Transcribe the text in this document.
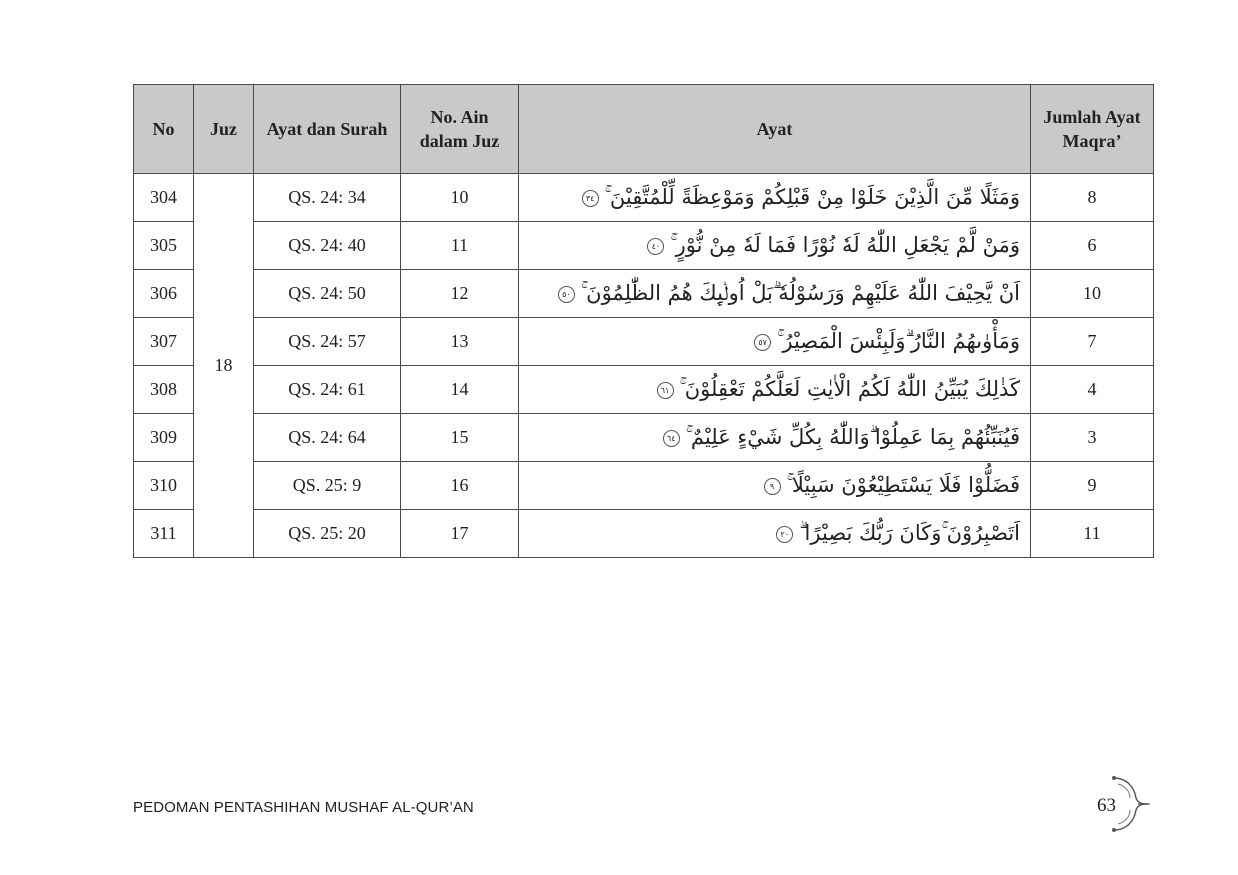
No	Juz	Ayat dan Surah	No. Ain dalam Juz	Ayat	Jumlah Ayat Maqra’
304	18	QS. 24: 34	10	وَمَثَلًا مِّنَ الَّذِيْنَ خَلَوْا مِنْ قَبْلِكُمْ وَمَوْعِظَةً لِّلْمُتَّقِيْنَ ۚ٣٤	8
305		QS. 24: 40	11	وَمَنْ لَّمْ يَجْعَلِ اللّٰهُ لَهٗ نُوْرًا فَمَا لَهٗ مِنْ نُّوْرٍ ۚ٤٠	6
306		QS. 24: 50	12	اَنْ يَّحِيْفَ اللّٰهُ عَلَيْهِمْ وَرَسُوْلُهٗ ۗبَلْ اُولٰۤىِٕكَ هُمُ الظّٰلِمُوْنَ ۚ٥٠	10
307		QS. 24: 57	13	وَمَأْوٰىهُمُ النَّارُ ۗوَلَبِئْسَ الْمَصِيْرُ ۚ٥٧	7
308		QS. 24: 61	14	كَذٰلِكَ يُبَيِّنُ اللّٰهُ لَكُمُ الْاٰيٰتِ لَعَلَّكُمْ تَعْقِلُوْنَ ۚ٦١	4
309		QS. 24: 64	15	فَيُنَبِّئُهُمْ بِمَا عَمِلُوْا ۗوَاللّٰهُ بِكُلِّ شَيْءٍ عَلِيْمٌ ۚ٦٤	3
310		QS. 25: 9	16	فَضَلُّوْا فَلَا يَسْتَطِيْعُوْنَ سَبِيْلًا ۚ٩	9
311		QS. 25: 20	17	اَتَصْبِرُوْنَ ۚوَكَانَ رَبُّكَ بَصِيْرًا ۗ٢٠	11
PEDOMAN PENTASHIHAN MUSHAF AL-QUR’AN	63
